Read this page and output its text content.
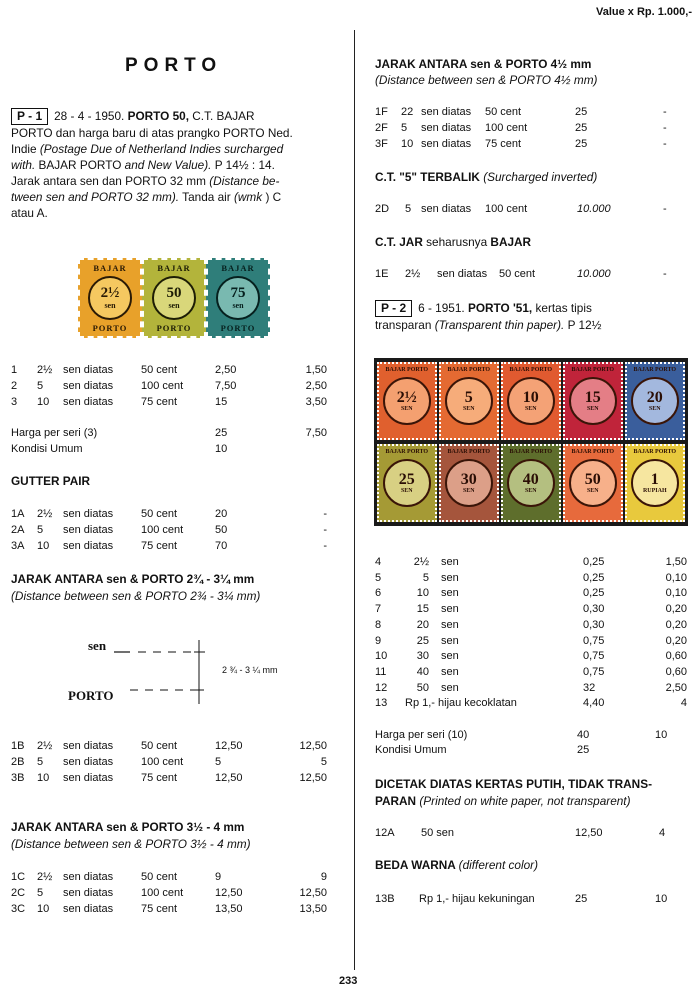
Value x Rp. 1.000,-
PORTO
233
P - 1 28 - 4 - 1950. PORTO 50, C.T. BAJAR
PORTO dan harga baru di atas prangko PORTO Ned.
Indie (Postage Due of Netherland Indies surcharged
with. BAJAR PORTO and New Value). P 14½ : 14.
Jarak antara sen dan PORTO 32 mm (Distance be-
tween sen and PORTO 32 mm). Tanda air (wmk ) C
atau A.
BAJAR
2½
sen
PORTO
BAJAR
50
sen
PORTO
BAJAR
75
sen
PORTO
1 2½ sen diatas	50 cent	2,50	1,50
2 5 sen diatas	100 cent	7,50	2,50
3 10 sen diatas	75 cent	15	3,50
Harga per seri (3)	25	7,50
Kondisi Umum	10
GUTTER PAIR
1A 2½ sen diatas	50 cent	20	-
2A 5 sen diatas	100 cent	50	-
3A 10 sen diatas	75 cent	70	-
JARAK ANTARA sen & PORTO 2¾ - 3¼ mm
(Distance between sen & PORTO 2¾ - 3¼ mm)
sen
2 ¾ - 3 ¼ mm
PORTO
1B 2½ sen diatas	50 cent	12,50	12,50
2B 5 sen diatas	100 cent	5	5
3B 10 sen diatas	75 cent	12,50	12,50
JARAK ANTARA sen & PORTO 3½ - 4 mm
(Distance between sen & PORTO 3½ - 4 mm)
1C 2½ sen diatas	50 cent	9	9
2C 5 sen diatas	100 cent	12,50	12,50
3C 10 sen diatas	75 cent	13,50	13,50
JARAK ANTARA sen & PORTO 4½ mm
(Distance between sen & PORTO 4½ mm)
1F 22 sen diatas 50 cent	25	-
2F 5 sen diatas 100 cent	25	-
3F 10 sen diatas 75 cent	25	-
C.T. "5" TERBALIK (Surcharged inverted)
2D 5 sen diatas 100 cent	10.000	-
C.T. JAR seharusnya BAJAR
1E 2½ sen diatas 50 cent	10.000	-
P - 2 6 - 1951. PORTO '51, kertas tipis
transparan (Transparent thin paper). P 12½
BAJAR PORTO
2½
SEN
BAJAR PORTO
5
SEN
BAJAR PORTO
10
SEN
BAJAR PORTO
15
SEN
BAJAR PORTO
20
SEN
BAJAR PORTO
25
SEN
BAJAR PORTO
30
SEN
BAJAR PORTO
40
SEN
BAJAR PORTO
50
SEN
BAJAR PORTO
1
RUPIAH
4	2½ sen	0,25	1,50
5	5 sen	0,25	0,10
6	10 sen	0,25	0,10
7	15 sen	0,30	0,20
8	20 sen	0,30	0,20
9	25 sen	0,75	0,20
10	30 sen	0,75	0,60
11	40 sen	0,75	0,60
12	50 sen	32	2,50
13 Rp 1,- hijau kecoklatan	4,40	4
Harga per seri (10)	40	10
Kondisi Umum	25
DICETAK DIATAS KERTAS PUTIH, TIDAK TRANS-
PARAN (Printed on white paper, not transparent)
12A 50 sen	12,50	4
BEDA WARNA (different color)
13B Rp 1,- hijau kekuningan	25	10
